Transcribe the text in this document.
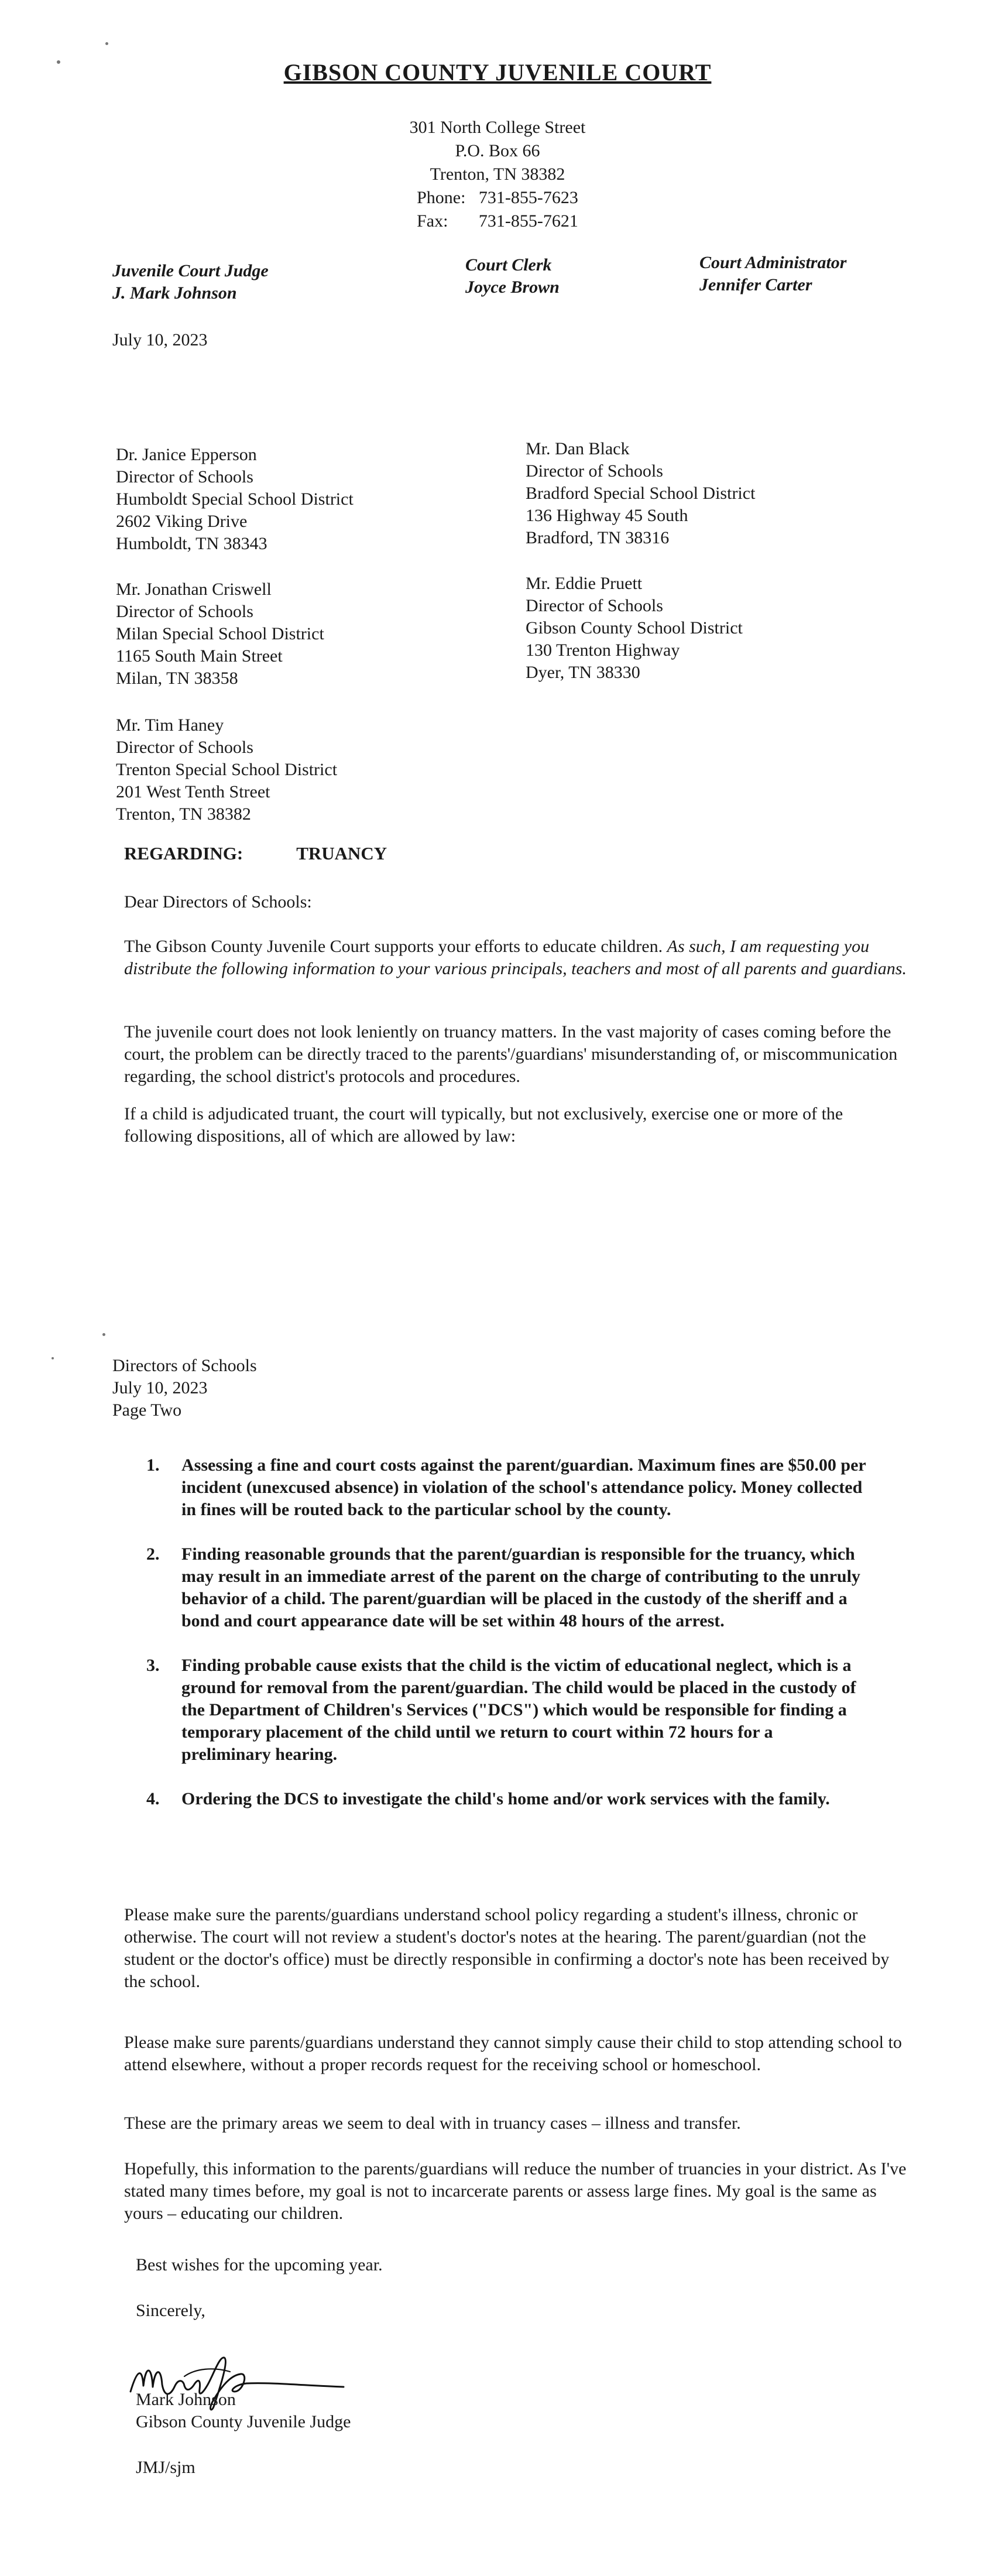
GIBSON COUNTY JUVENILE COURT
301 North College Street
P.O. Box 66
Trenton, TN 38382
Phone: 731-855-7623
Fax: 731-855-7621
Juvenile Court Judge
J. Mark Johnson
Court Clerk
Joyce Brown
Court Administrator
Jennifer Carter
July 10, 2023
Dr. Janice Epperson
Director of Schools
Humboldt Special School District
2602 Viking Drive
Humboldt, TN 38343
Mr. Dan Black
Director of Schools
Bradford Special School District
136 Highway 45 South
Bradford, TN 38316
Mr. Jonathan Criswell
Director of Schools
Milan Special School District
1165 South Main Street
Milan, TN 38358
Mr. Eddie Pruett
Director of Schools
Gibson County School District
130 Trenton Highway
Dyer, TN 38330
Mr. Tim Haney
Director of Schools
Trenton Special School District
201 West Tenth Street
Trenton, TN 38382
REGARDING:	TRUANCY
Dear Directors of Schools:
The Gibson County Juvenile Court supports your efforts to educate children. As such, I am requesting you distribute the following information to your various principals, teachers and most of all parents and guardians.
The juvenile court does not look leniently on truancy matters. In the vast majority of cases coming before the court, the problem can be directly traced to the parents'/guardians' misunderstanding of, or miscommunication regarding, the school district's protocols and procedures.
If a child is adjudicated truant, the court will typically, but not exclusively, exercise one or more of the following dispositions, all of which are allowed by law:
Directors of Schools
July 10, 2023
Page Two
1. Assessing a fine and court costs against the parent/guardian. Maximum fines are $50.00 per incident (unexcused absence) in violation of the school's attendance policy. Money collected in fines will be routed back to the particular school by the county.
2. Finding reasonable grounds that the parent/guardian is responsible for the truancy, which may result in an immediate arrest of the parent on the charge of contributing to the unruly behavior of a child. The parent/guardian will be placed in the custody of the sheriff and a bond and court appearance date will be set within 48 hours of the arrest.
3. Finding probable cause exists that the child is the victim of educational neglect, which is a ground for removal from the parent/guardian. The child would be placed in the custody of the Department of Children's Services ("DCS") which would be responsible for finding a temporary placement of the child until we return to court within 72 hours for a preliminary hearing.
4. Ordering the DCS to investigate the child's home and/or work services with the family.
Please make sure the parents/guardians understand school policy regarding a student's illness, chronic or otherwise. The court will not review a student's doctor's notes at the hearing. The parent/guardian (not the student or the doctor's office) must be directly responsible in confirming a doctor's note has been received by the school.
Please make sure parents/guardians understand they cannot simply cause their child to stop attending school to attend elsewhere, without a proper records request for the receiving school or homeschool.
These are the primary areas we seem to deal with in truancy cases – illness and transfer.
Hopefully, this information to the parents/guardians will reduce the number of truancies in your district. As I've stated many times before, my goal is not to incarcerate parents or assess large fines. My goal is the same as yours – educating our children.
Best wishes for the upcoming year.
Sincerely,
Mark Johnson
Gibson County Juvenile Judge
JMJ/sjm
